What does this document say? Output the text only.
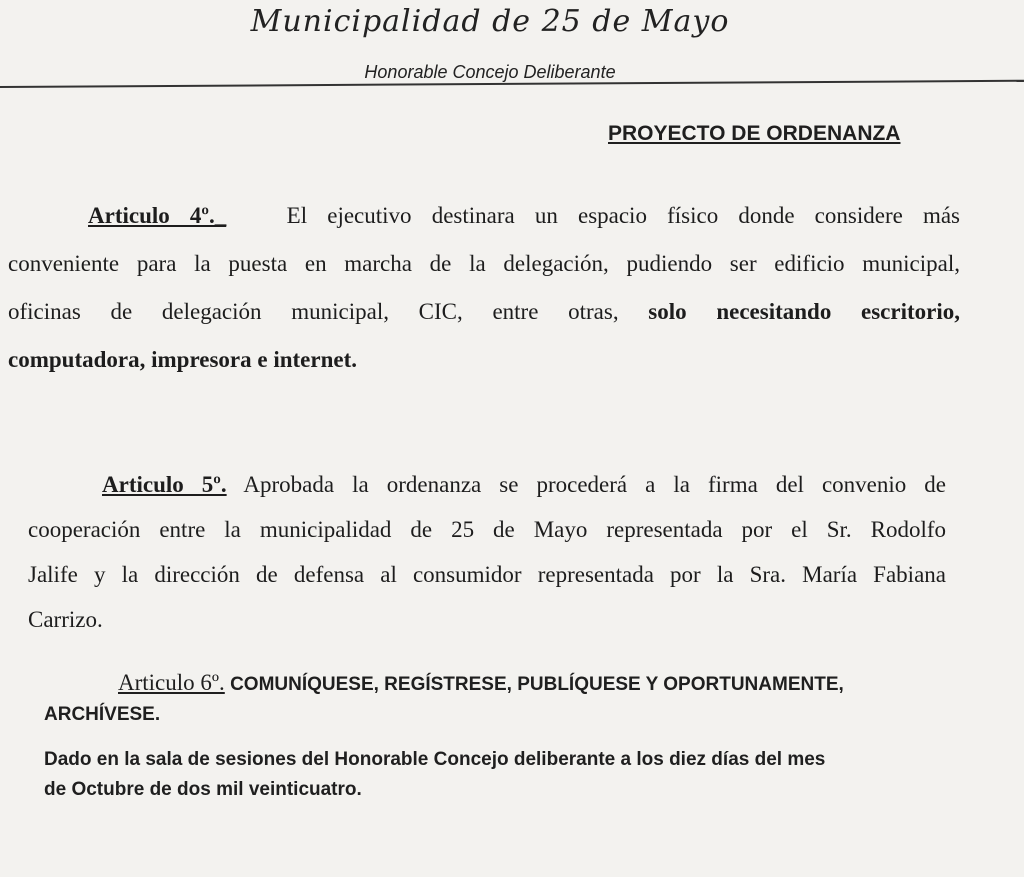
Municipalidad de 25 de Mayo
Honorable Concejo Deliberante
PROYECTO DE ORDENANZA
Articulo 4º._	El ejecutivo destinara un espacio físico donde considere más
conveniente para la puesta en marcha de la delegación, pudiendo ser edificio municipal,
oficinas de delegación municipal, CIC, entre otras, solo necesitando escritorio,
computadora, impresora e internet.
Articulo 5º. Aprobada la ordenanza se procederá a la firma del convenio de
cooperación entre la municipalidad de 25 de Mayo representada por el Sr. Rodolfo
Jalife y la dirección de defensa al consumidor representada por la Sra. María Fabiana
Carrizo.
Articulo 6º. COMUNÍQUESE, REGÍSTRESE, PUBLÍQUESE Y OPORTUNAMENTE,
ARCHÍVESE.
Dado en la sala de sesiones del Honorable Concejo deliberante a los diez días del mes
de Octubre de dos mil veinticuatro.
